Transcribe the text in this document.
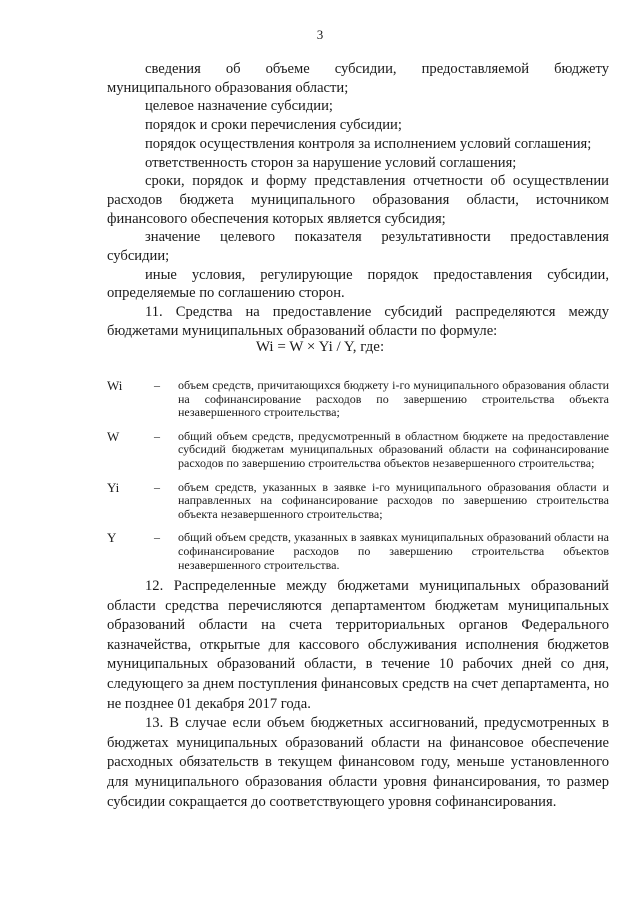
3

сведения об объеме субсидии, предоставляемой бюджету муниципального образования области;

целевое назначение субсидии;

порядок и сроки перечисления субсидии;

порядок осуществления контроля за исполнением условий соглашения;

ответственность сторон за нарушение условий соглашения;

сроки, порядок и форму представления отчетности об осуществлении расходов бюджета муниципального образования области, источником финансового обеспечения которых является субсидия;

значение целевого показателя результативности предоставления субсидии;

иные условия, регулирующие порядок предоставления субсидии, определяемые по соглашению сторон.

11. Средства на предоставление субсидий распределяются между бюджетами муниципальных образований области по формуле:

Wi = W × Yi / Y, где:
Wi	–	объем средств, причитающихся бюджету i-го муниципального образования области на софинансирование расходов по завершению строительства объекта незавершенного строительства;
W	–	общий объем средств, предусмотренный в областном бюджете на предоставление субсидий бюджетам муниципальных образований области на софинансирование расходов по завершению строительства объектов незавершенного строительства;
Yi	–	объем средств, указанных в заявке i-го муниципального образования области и направленных на софинансирование расходов по завершению строительства объекта незавершенного строительства;
Y	–	общий объем средств, указанных в заявках муниципальных образований области на софинансирование расходов по завершению строительства объектов незавершенного строительства.

12. Распределенные между бюджетами муниципальных образований области средства перечисляются департаментом бюджетам муниципальных образований области на счета территориальных органов Федерального казначейства, открытые для кассового обслуживания исполнения бюджетов муниципальных образований области, в течение 10 рабочих дней со дня, следующего за днем поступления финансовых средств на счет департамента, но не позднее 01 декабря 2017 года.

13. В случае если объем бюджетных ассигнований, предусмотренных в бюджетах муниципальных образований области на финансовое обеспечение расходных обязательств в текущем финансовом году, меньше установленного для муниципального образования области уровня финансирования, то размер субсидии сокращается до соответствующего уровня софинансирования.
